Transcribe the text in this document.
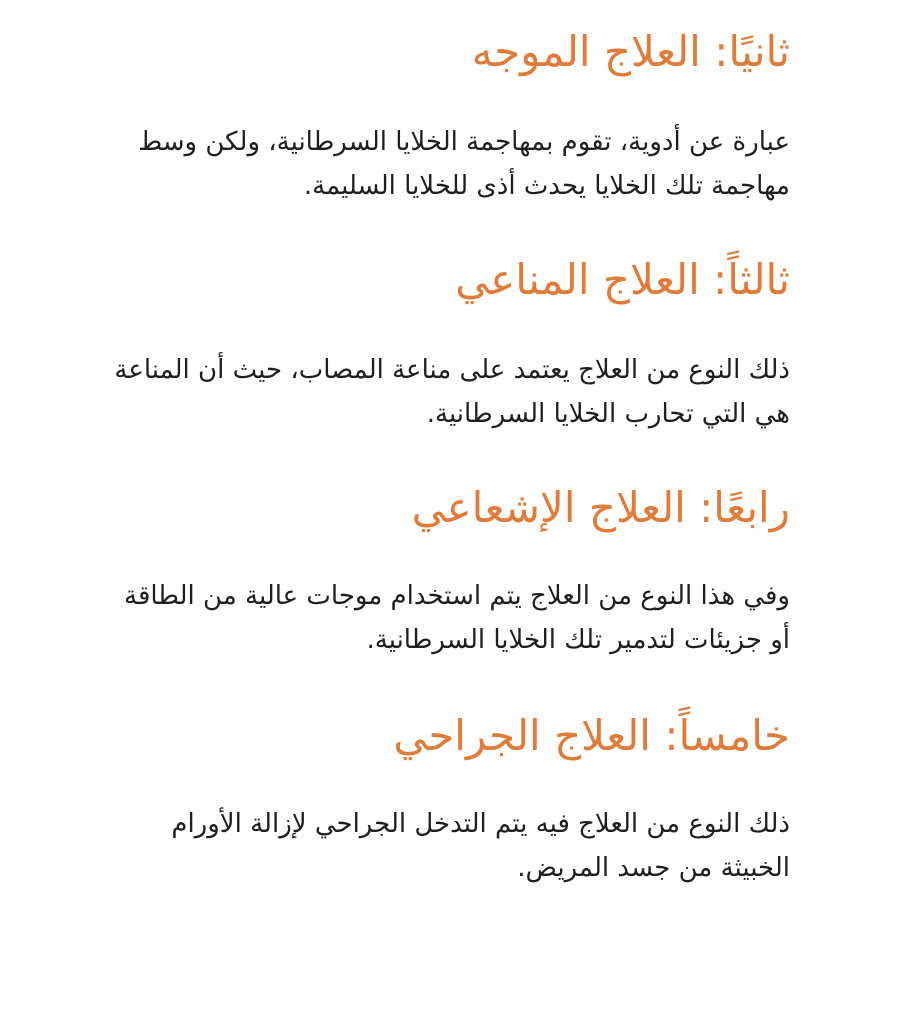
ثانيًا: العلاج الموجه

عبارة عن أدوية، تقوم بمهاجمة الخلايا السرطانية، ولكن وسط مهاجمة تلك الخلايا يحدث أذى للخلايا السليمة.

ثالثاً: العلاج المناعي

ذلك النوع من العلاج يعتمد على مناعة المصاب، حيث أن المناعة هي التي تحارب الخلايا السرطانية.

رابعًا: العلاج الإشعاعي

وفي هذا النوع من العلاج يتم استخدام موجات عالية من الطاقة أو جزيئات لتدمير تلك الخلايا السرطانية.

خامساً: العلاج الجراحي

ذلك النوع من العلاج فيه يتم التدخل الجراحي لإزالة الأورام الخبيثة من جسد المريض.
